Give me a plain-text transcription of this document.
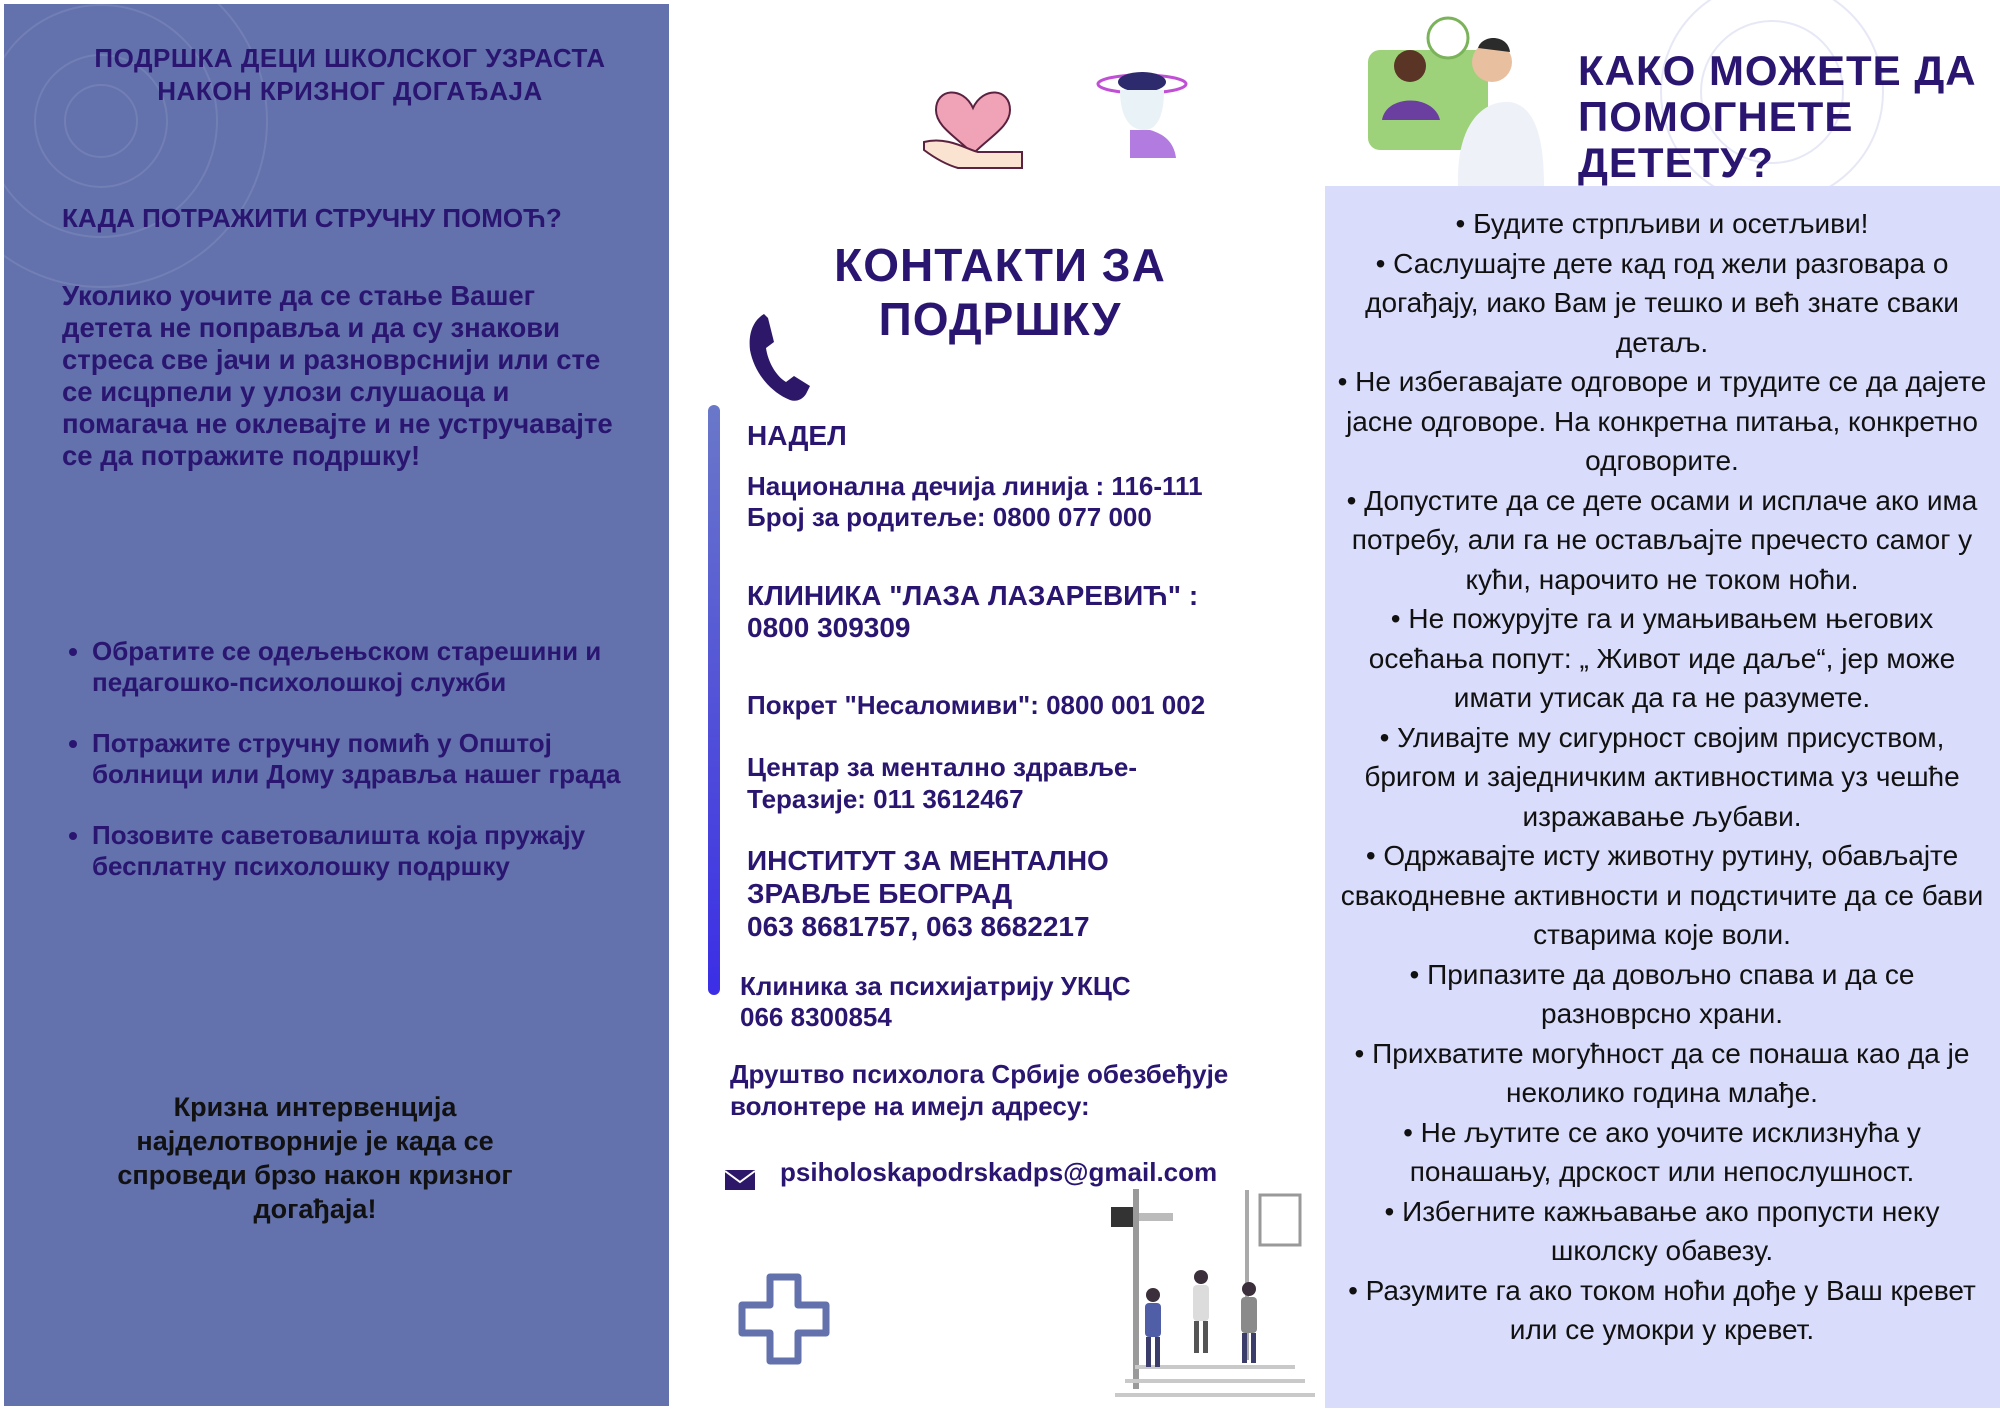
ПОДРШКА ДЕЦИ ШКОЛСКОГ УЗРАСТА НАКОН КРИЗНОГ ДОГАЂАЈА
КАДА ПОТРАЖИТИ СТРУЧНУ ПОМОЋ?
Уколико уочите да се стање Вашег детета не поправља и да су знакови стреса све јачи и разноврснији или сте се исцрпели у улози слушаоца и помагача не оклевајте и не устручавајте се да потражите подршку!
• Обратите се одељењском старешини и педагошко-психолошкој служби
• Потражите стручну помић у Општој болници или Дому здравља нашег града
• Позовите саветовалишта која пружају бесплатну психолошку подршку
Кризна интервенција најделотворније је када се спроведи брзо након кризног догађаја!
КОНТАКТИ ЗА ПОДРШКУ
НАДЕЛ
Национална дечија линија : 116-111
Број за родитеље: 0800 077 000
КЛИНИКА "ЛАЗА ЛАЗАРЕВИЋ" : 0800 309309
Покрет "Несаломиви": 0800 001 002
Центар за ментално здравље- Теразије: 011 3612467
ИНСТИТУТ ЗА МЕНТАЛНО
ЗРАВЉЕ БЕОГРАД
063 8681757, 063 8682217
Клиника за психијатрију УКЦС
066 8300854
Друштво психолога Србије обезбеђује волонтере на имејл адресу:
psiholoskapodrskadps@gmail.com
КАКО МОЖЕТЕ ДА ПОМОГНЕТЕ ДЕТЕТУ?
• Будите стрпљиви и осетљиви!
• Саслушајте дете кад год жели разговара о догађају, иако Вам је тешко и већ знате сваки детаљ.
• Не избегавајате одговоре и трудите се да дајете јасне одговоре. На конкретна питања, конкретно одговорите.
• Допустите да се дете осами и исплаче ако има потребу, али га не остављајте пречесто самог у кући, нарочито не током ноћи.
• Не пожурујте га и умањивањем његових осећања попут: „ Живот иде даље“, јер може имати утисак да га не разумете.
• Уливајте му сигурност својим присуством, бригом и заједничким активностима уз чешће изражавање љубави.
• Одржавајте исту животну рутину, обављајте свакодневне активности и подстичите да се бави стварима које воли.
• Припазите да довољно спава и да се разноврсно храни.
• Прихватите могућност да се понаша као да је неколико година млађе.
• Не љутите се ако уочите исклизнућа у понашању, дрскост или непослушност.
• Избегните кажњавање ако пропусти неку школску обавезу.
• Разумите га ако током ноћи дође у Ваш кревет или се умокри у кревет.
